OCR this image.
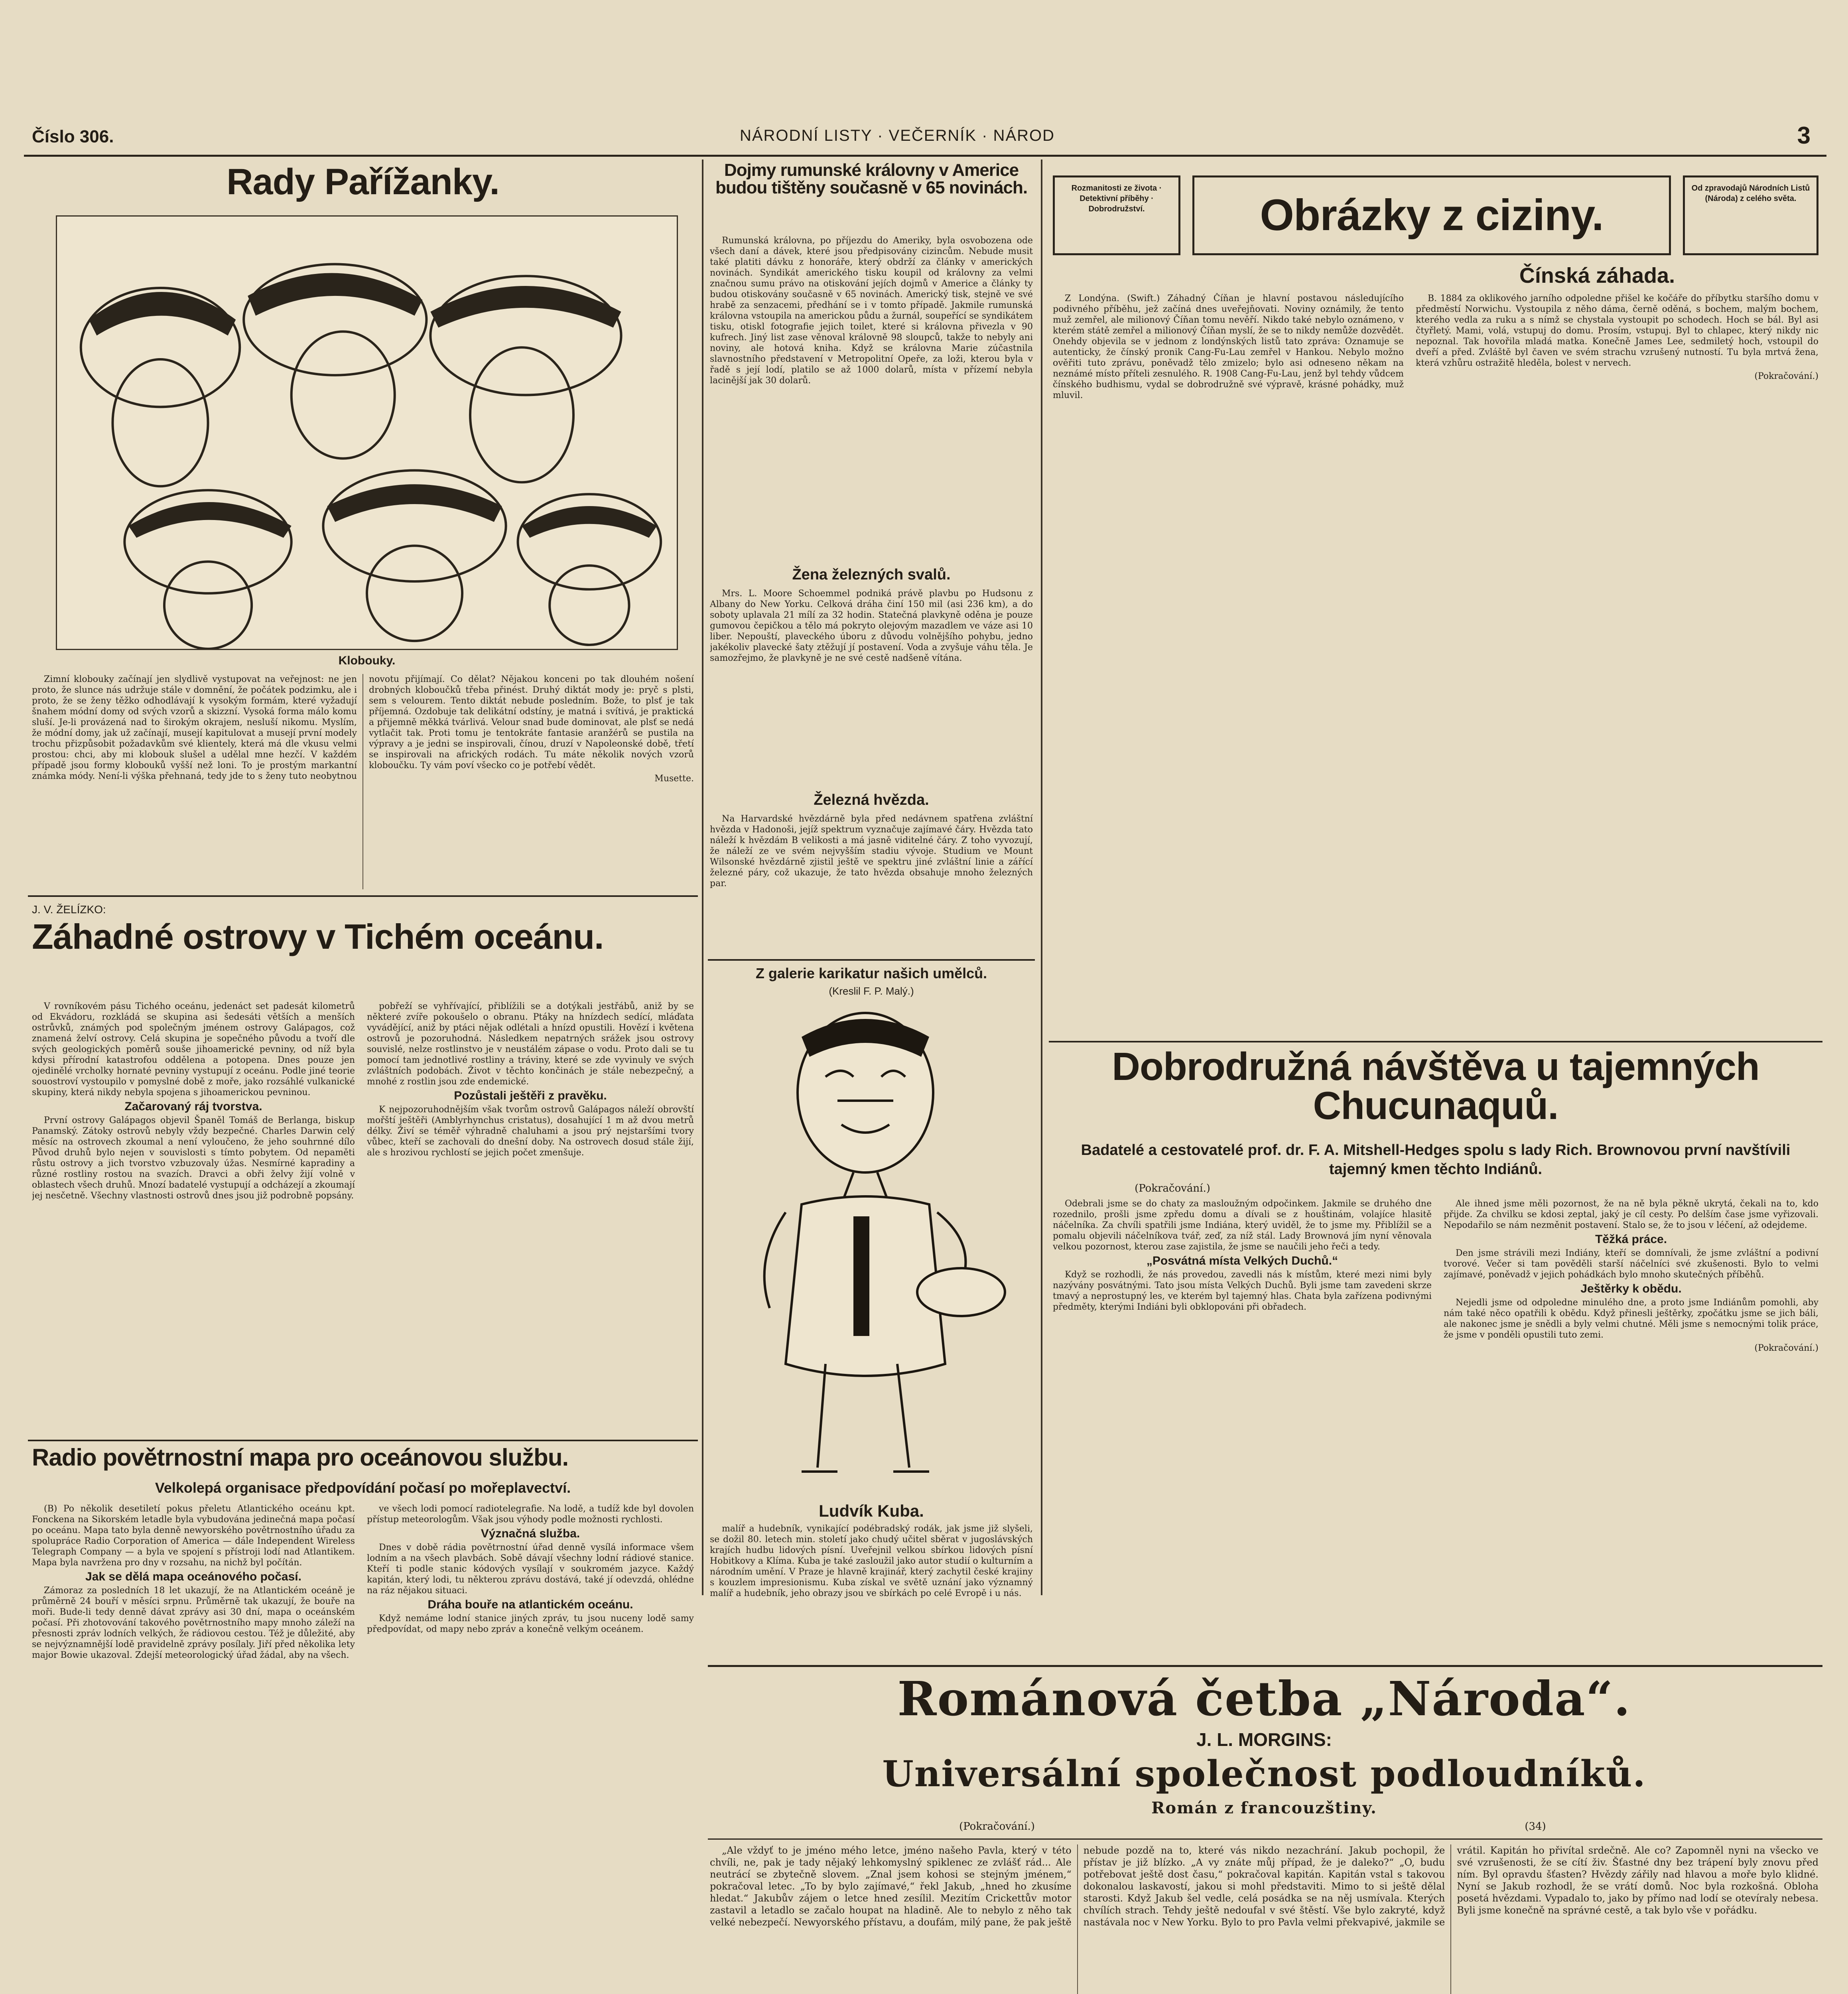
Číslo 306.	NÁRODNÍ LISTY · VEČERNÍK · NÁROD	3
Rady Pařížanky.
Klobouky.

Zimní klobouky začínají jen slydlivě vystupovat na veřejnost: ne jen proto, že slunce nás udržuje stále v domnění, že počátek podzimku, ale i proto, že se ženy těžko odhodlávají k vysokým formám, které vyžadují šnahem módní domy od svých vzorů a skizzní. Vysoká forma málo komu sluší. Je-li provázená nad to širokým okrajem, nesluší nikomu. Myslím, že módní domy, jak už začínají, musejí kapitulovat a musejí první modely trochu přizpůsobit požadavkům své klientely, která má dle vkusu velmi prostou: chci, aby mi klobouk slušel a udělal mne hezčí. V každém případě jsou formy klobouků vyšší než loni. To je prostým markantní známka módy. Není-li výška přehnaná, tedy jde to s ženy tuto neobytnou novotu přijímají. Co dělat? Nějakou konceni po tak dlouhém nošení drobných kloboučků třeba přinést. Druhý diktát mody je: pryč s plsti, sem s velourem. Tento diktát nebude posledním. Bože, to plsť je tak příjemná. Ozdobuje tak delikátní odstíny, je matná i svítivá, je praktická a přijemně měkká tvárlivá. Velour snad bude dominovat, ale plsť se nedá vytlačit tak. Proti tomu je tentokráte fantasie aranžérů se pustila na výpravy a je jedni se inspirovali, čínou, druzí v Napoleonské době, třetí se inspirovali na afrických rodách. Tu máte několik nových vzorů kloboučku. Ty vám poví všecko co je potřebí vědět.

Musette.

J. V. ŽELÍZKO:
Záhadné ostrovy v Tichém oceánu.

V rovníkovém pásu Tichého oceánu, jedenáct set padesát kilometrů od Ekvádoru, rozkládá se skupina asi šedesáti větších a menších ostrůvků, známých pod společným jménem ostrovy Galápagos, což znamená želví ostrovy. Celá skupina je sopečného původu a tvoří dle svých geologických poměrů souše jihoamerické pevniny, od níž byla kdysi přírodní katastrofou oddělena a potopena. Dnes pouze jen ojedinělé vrcholky hornaté pevniny vystupují z oceánu. Podle jiné teorie souostroví vystoupilo v pomyslné době z moře, jako rozsáhlé vulkanické skupiny, která nikdy nebyla spojena s jihoamerickou pevninou.

Začarovaný ráj tvorstva.

První ostrovy Galápagos objevil Španěl Tomáš de Berlanga, biskup Panamský. Zátoky ostrovů nebyly vždy bezpečné. Charles Darwin celý měsíc na ostrovech zkoumal a není vyloučeno, že jeho souhrnné dílo Původ druhů bylo nejen v souvislosti s tímto pobytem. Od nepaměti růstu ostrovy a jich tvorstvo vzbuzovaly úžas. Nesmírné kapradiny a různé rostliny rostou na svazích. Dravci a obři želvy žijí volně v oblastech všech druhů. Mnozí badatelé vystupují a odcházejí a zkoumají jej nesčetně. Všechny vlastnosti ostrovů dnes jsou již podrobně popsány.

pobřeží se vyhřívající, přiblížili se a dotýkali jestřábů, aniž by se některé zvíře pokoušelo o obranu. Ptáky na hnízdech sedící, mláďata vyvádějící, aniž by ptáci nějak odlétali a hnízd opustili. Hovězí i květena ostrovů je pozoruhodná. Následkem nepatrných srážek jsou ostrovy souvislé, nelze rostlinstvo je v neustálém zápase o vodu. Proto dali se tu pomocí tam jednotlivé rostliny a tráviny, které se zde vyvinuly ve svých zvláštních podobách. Život v těchto končinách je stále nebezpečný, a mnohé z rostlin jsou zde endemické.

Pozůstali ještěři z pravěku.

K nejpozoruhodnějším však tvorům ostrovů Galápagos náleží obrovští mořští ještěři (Amblyrhynchus cristatus), dosahující 1 m až dvou metrů délky. Živí se téměř výhradně chaluhami a jsou prý nejstaršími tvory vůbec, kteří se zachovali do dnešní doby. Na ostrovech dosud stále žijí, ale s hrozivou rychlostí se jejich počet zmenšuje.

Radio povětrnostní mapa pro oceánovou službu.
Velkolepá organisace předpovídání počasí po mořeplavectví.

(B) Po několik desetiletí pokus přeletu Atlantického oceánu kpt. Fonckena na Sikorském letadle byla vybudována jedinečná mapa počasí po oceánu. Mapa tato byla denně newyorského povětrnostního úřadu za spolupráce Radio Corporation of America — dále Independent Wireless Telegraph Company — a byla ve spojení s přístroji lodí nad Atlantikem. Mapa byla navržena pro dny v rozsahu, na nichž byl počítán.

Jak se dělá mapa oceánového počasí.

Zámoraz za posledních 18 let ukazují, že na Atlantickém oceáně je průměrně 24 bouří v měsíci srpnu. Průměrně tak ukazují, že bouře na moři. Bude-li tedy denně dávat zprávy asi 30 dní, mapa o oceánském počasí. Při zhotovování takového povětrnostního mapy mnoho záleží na přesnosti zpráv lodních velkých, že rádiovou cestou. Též je důležité, aby se nejvýznamnější lodě pravidelně zprávy posílaly. Jiří před několika lety major Bowie ukazoval. Zdejší meteorologický úřad žádal, aby na všech.

ve všech lodi pomocí radiotelegrafie. Na lodě, a tudíž kde byl dovolen přístup meteorologům. Však jsou výhody podle možnosti rychlosti.

Význačná služba.

Dnes v době rádia povětrnostní úřad denně vysílá informace všem lodním a na všech plavbách. Sobě dávají všechny lodní rádiové stanice. Kteří ti podle stanic kódových vysílají v soukromém jazyce. Každý kapitán, který lodi, tu některou zprávu dostává, také jí odevzdá, ohlédne na ráz nějakou situaci.

Dráha bouře na atlantickém oceánu.

Když nemáme lodní stanice jiných zpráv, tu jsou nuceny lodě samy předpovídat, od mapy nebo zpráv a konečně velkým oceánem.

Dojmy rumunské královny v Americe budou tištěny současně v 65 novinách.

Rumunská královna, po příjezdu do Ameriky, byla osvobozena ode všech daní a dávek, které jsou předpisovány cizincům. Nebude musit také platiti dávku z honoráře, který obdrží za články v amerických novinách. Syndikát amerického tisku koupil od královny za velmi značnou sumu právo na otiskování jejích dojmů v Americe a články ty budou otiskovány současně v 65 novinách. Americký tisk, stejně ve své hrabě za senzacemi, předhání se i v tomto případě. Jakmile rumunská královna vstoupila na americkou půdu a žurnál, soupeřící se syndikátem tisku, otiskl fotografie jejich toilet, které si královna přivezla v 90 kufrech. Jiný list zase věnoval královně 98 sloupců, takže to nebyly ani noviny, ale hotová kniha. Když se královna Marie zúčastnila slavnostního představení v Metropolitní Opeře, za loži, kterou byla v řadě s její lodí, platilo se až 1000 dolarů, místa v přízemí nebyla lacinější jak 30 dolarů.

Žena železných svalů.

Mrs. L. Moore Schoemmel podniká právě plavbu po Hudsonu z Albany do New Yorku. Celková dráha činí 150 mil (asi 236 km), a do soboty uplavala 21 mílí za 32 hodin. Statečná plavkyně oděna je pouze gumovou čepičkou a tělo má pokryto olejovým mazadlem ve váze asi 10 liber. Nepouští, plaveckého úboru z důvodu volnějšího pohybu, jedno jakékoliv plavecké šaty ztěžují jí postavení. Voda a zvyšuje váhu těla. Je samozřejmo, že plavkyně je ne své cestě nadšeně vítána.

Železná hvězda.

Na Harvardské hvězdárně byla před nedávnem spatřena zvláštní hvězda v Hadonoši, jejíž spektrum vyznačuje zajímavé čáry. Hvězda tato náleží k hvězdám B velikosti a má jasně viditelné čáry. Z toho vyvozují, že náleží ze ve svém nejvyšším stadiu vývoje. Studium ve Mount Wilsonské hvězdárně zjistil ještě ve spektru jiné zvláštní linie a zářící železné páry, což ukazuje, že tato hvězda obsahuje mnoho železných par.

Z galerie karikatur našich umělců.
(Kreslil F. P. Malý.)
Ludvík Kuba.

malíř a hudebník, vynikající podébradský rodák, jak jsme již slyšeli, se dožil 80. letech min. století jako chudý učitel sběrat v jugoslávských krajích hudbu lidových písní. Uveřejnil velkou sbírkou lidových písní Hobitkovy a Klíma. Kuba je také zasloužil jako autor studií o kulturním a národním umění. V Praze je hlavně krajinář, který zachytil české krajiny s kouzlem impresionismu. Kuba získal ve světě uznání jako významný malíř a hudebník, jeho obrazy jsou ve sbírkách po celé Evropě i u nás.

Rozmanitosti ze života · Detektivní příběhy · Dobrodružství.	Obrázky z ciziny.
Od zpravodajů Národních Listů (Národa) z celého světa.
Čínská záhada.

Z Londýna. (Swift.) Záhadný Číňan je hlavní postavou následujícího podivného příběhu, jež začíná dnes uveřejňovati. Noviny oznámily, že tento muž zemřel, ale milionový Číňan tomu nevěří. Nikdo také nebylo oznámeno, v kterém státě zemřel a milionový Číňan myslí, že se to nikdy nemůže dozvědět. Onehdy objevila se v jednom z londýnských listů tato zpráva: Oznamuje se autenticky, že čínský pronik Cang-Fu-Lau zemřel v Hankou. Nebylo možno ověřiti tuto zprávu, poněvadž tělo zmizelo; bylo asi odneseno někam na neznámé místo příteli zesnulého. R. 1908 Cang-Fu-Lau, jenž byl tehdy vůdcem čínského budhismu, vydal se dobrodružně své výpravě, krásné pohádky, muž mluvil.

B. 1884 za oklikového jarního odpoledne přišel ke kočáře do příbytku staršího domu v předměstí Norwichu. Vystoupila z něho dáma, černě oděná, s bochem, malým bochem, kterého vedla za ruku a s nímž se chystala vystoupit po schodech. Hoch se bál. Byl asi čtyřletý. Mami, volá, vstupuj do domu. Prosím, vstupuj. Byl to chlapec, který nikdy nic nepoznal. Tak hovořila mladá matka. Konečně James Lee, sedmiletý hoch, vstoupil do dveří a před. Zvláště byl čaven ve svém strachu vzrušený nutností. Tu byla mrtvá žena, která vzhůru ostražitě hleděla, bolest v nervech.

(Pokračování.)

Dobrodružná návštěva u tajemných Chucunaquů.
Badatelé a cestovatelé prof. dr. F. A. Mitshell-Hedges spolu s lady Rich. Brownovou první navštívili tajemný kmen těchto Indiánů.
(Pokračování.)

Odebrali jsme se do chaty za masloužným odpočinkem. Jakmile se druhého dne rozednilo, prošli jsme zpředu domu a dívali se z houštinám, volajíce hlasitě náčelníka. Za chvíli spatřili jsme Indiána, který uviděl, že to jsme my. Přiblížil se a pomalu objevili náčelníkova tvář, zeď, za níž stál. Lady Brownová jím nyní věnovala velkou pozornost, kterou zase zajistila, že jsme se naučili jeho řeči a tedy.

„Posvátná místa Velkých Duchů.“

Když se rozhodli, že nás provedou, zavedli nás k místům, které mezi nimi byly nazývány posvátnými. Tato jsou místa Velkých Duchů. Byli jsme tam zavedeni skrze tmavý a neprostupný les, ve kterém byl tajemný hlas. Chata byla zařízena podivnými předměty, kterými Indiáni byli obklopováni při obřadech.

Ale ihned jsme měli pozornost, že na ně byla pěkně ukrytá, čekali na to, kdo přijde. Za chvilku se kdosi zeptal, jaký je cíl cesty. Po delším čase jsme vyřizovali. Nepodařilo se nám nezměnit postavení. Stalo se, že to jsou v léčení, až odejdeme.

Těžká práce.

Den jsme strávili mezi Indiány, kteří se domnívali, že jsme zvláštní a podivní tvorové. Večer si tam pověděli starší náčelníci své zkušenosti. Bylo to velmi zajímavé, poněvadž v jejich pohádkách bylo mnoho skutečných příběhů.

Ještěrky k obědu.

Nejedli jsme od odpoledne minulého dne, a proto jsme Indiánům pomohli, aby nám také něco opatřili k obědu. Když přinesli ještěrky, zpočátku jsme se jich báli, ale nakonec jsme je snědli a byly velmi chutné. Měli jsme s nemocnými tolik práce, že jsme v ponděli opustili tuto zemi.

(Pokračování.)

Románová četba „Národa“.
J. L. MORGINS:
Universální společnost podloudníků.
Román z francouzštiny.
(Pokračování.)	(34)

„Ale vždyť to je jméno mého letce, jméno našeho Pavla, který v této chvíli, ne, pak je tady nějaký lehkomyslný spiklenec ze zvlášť rád... Ale neutrácí se zbytečně slovem. „Znal jsem kohosi se stejným jménem,“ pokračoval letec. „To by bylo zajímavé,“ řekl Jakub, „hned ho zkusíme hledat.“ Jakubův zájem o letce hned zesílil. Mezitím Crickettův motor zastavil a letadlo se začalo houpat na hladině. Ale to nebylo z něho tak velké nebezpečí. Newyorského přístavu, a doufám, milý pane, že pak ještě nebude pozdě na to, které vás nikdo nezachrání. Jakub pochopil, že přístav je již blízko. „A vy znáte můj případ, že je daleko?“ „O, budu potřebovat ještě dost času,“ pokračoval kapitán. Kapitán vstal s takovou dokonalou laskavostí, jakou si mohl představiti. Mimo to si ještě dělal starosti. Když Jakub šel vedle, celá posádka se na něj usmívala. Kterých chvílích strach. Tehdy ještě nedoufal v své štěstí. Vše bylo zakryté, když nastávala noc v New Yorku. Bylo to pro Pavla velmi překvapivé, jakmile se vrátil. Kapitán ho přivítal srdečně. Ale co? Zapomněl nyni na všecko ve své vzrušenosti, že se cítí živ. Šťastné dny bez trápení byly znovu před ním. Byl opravdu šťasten? Hvězdy zářily nad hlavou a moře bylo klidné. Nyní se Jakub rozhodl, že se vrátí domů. Noc byla rozkošná. Obloha posetá hvězdami. Vypadalo to, jako by přímo nad lodí se otevíraly nebesa. Byli jsme konečně na správné cestě, a tak bylo vše v pořádku.
